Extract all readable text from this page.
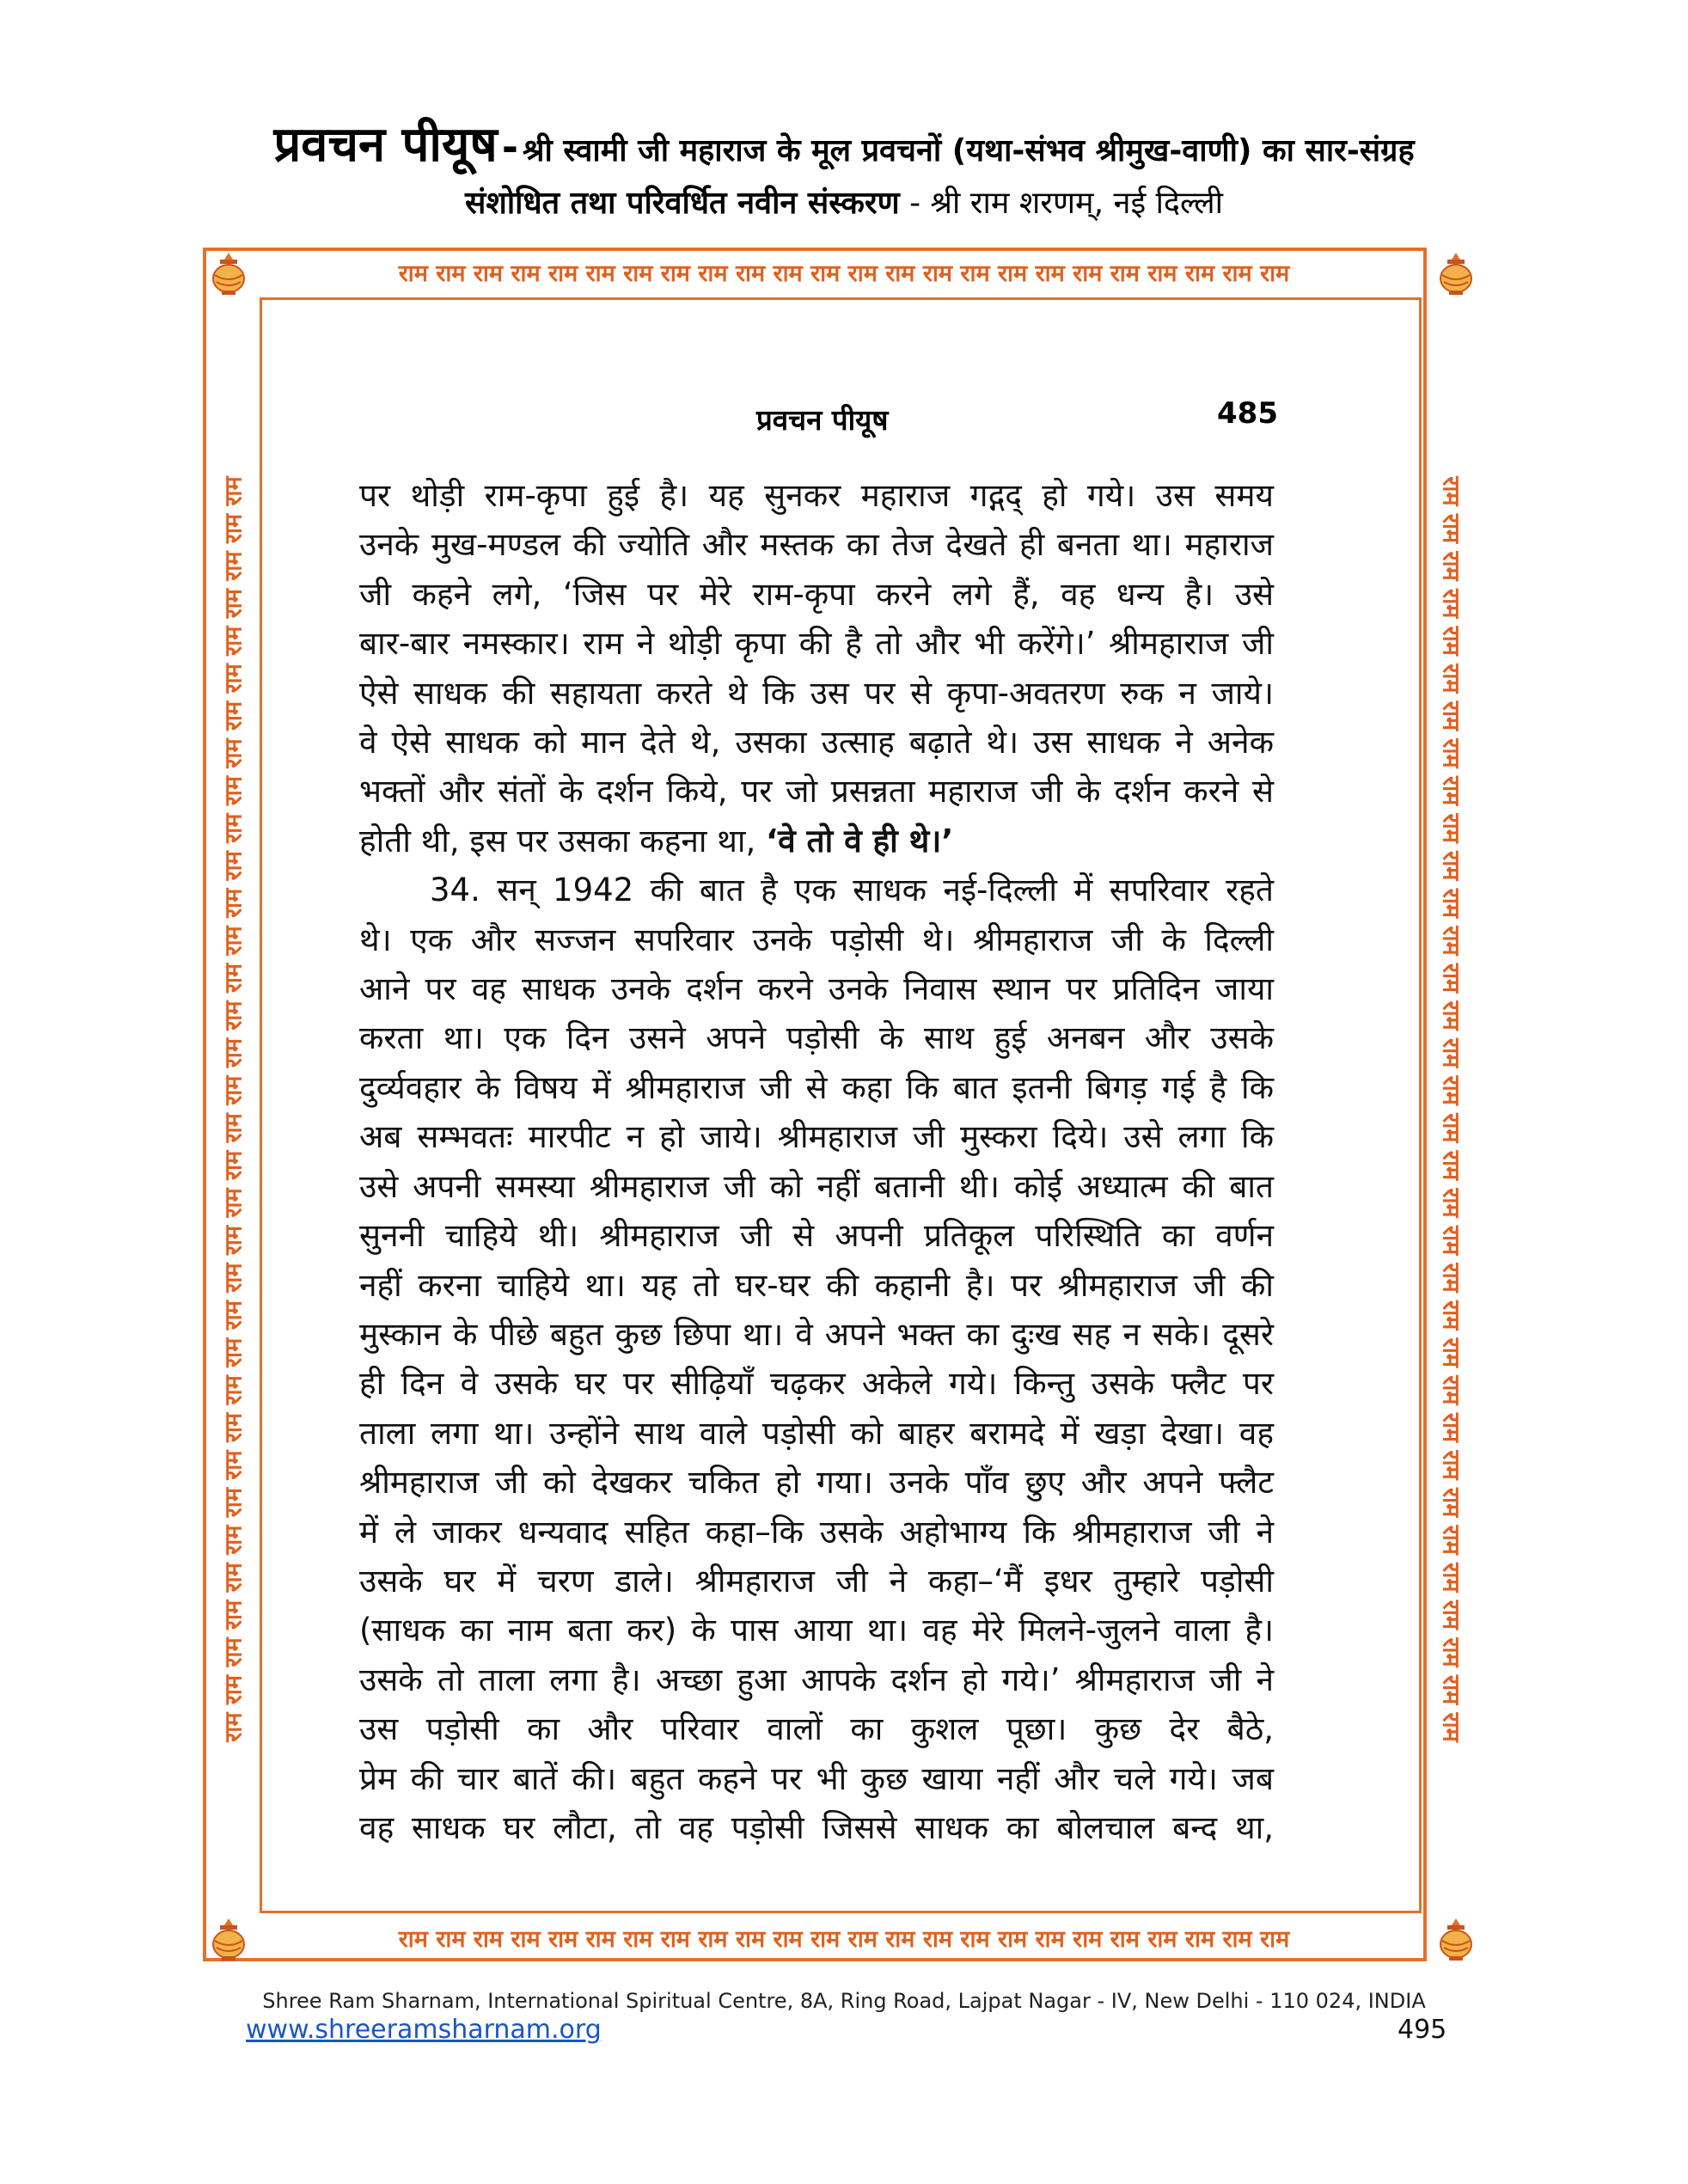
प्रवचन पीयूष - श्री स्वामी जी महाराज के मूल प्रवचनों (यथा-संभव श्रीमुख-वाणी) का सार-संग्रह
संशोधित तथा परिवर्धित नवीन संस्करण - श्री राम शरणम्, नई दिल्ली
राम राम राम राम राम राम राम राम राम राम राम राम राम राम राम राम राम राम राम राम राम राम राम राम
राम राम राम राम राम राम राम राम राम राम राम राम राम राम राम राम राम राम राम राम राम राम राम राम
राम राम राम राम राम राम राम राम राम राम राम राम राम राम राम राम राम राम राम राम राम राम राम राम राम राम राम राम राम राम राम राम राम राम	राम राम राम राम राम राम राम राम राम राम राम राम राम राम राम राम राम राम राम राम राम राम राम राम राम राम राम राम राम राम राम राम राम राम
प्रवचन पीयूष	485
पर थोड़ी राम-कृपा हुई है। यह सुनकर महाराज गद्गद् हो गये। उस समय
उनके मुख-मण्डल की ज्योति और मस्तक का तेज देखते ही बनता था। महाराज
जी कहने लगे, ‘जिस पर मेरे राम-कृपा करने लगे हैं, वह धन्य है। उसे
बार-बार नमस्कार। राम ने थोड़ी कृपा की है तो और भी करेंगे।’ श्रीमहाराज जी
ऐसे साधक की सहायता करते थे कि उस पर से कृपा-अवतरण रुक न जाये।
वे ऐसे साधक को मान देते थे, उसका उत्साह बढ़ाते थे। उस साधक ने अनेक
भक्तों और संतों के दर्शन किये, पर जो प्रसन्नता महाराज जी के दर्शन करने से
होती थी, इस पर उसका कहना था, ‘वे तो वे ही थे।’
34. सन् 1942 की बात है एक साधक नई-दिल्ली में सपरिवार रहते
थे। एक और सज्जन सपरिवार उनके पड़ोसी थे। श्रीमहाराज जी के दिल्ली
आने पर वह साधक उनके दर्शन करने उनके निवास स्थान पर प्रतिदिन जाया
करता था। एक दिन उसने अपने पड़ोसी के साथ हुई अनबन और उसके
दुर्व्यवहार के विषय में श्रीमहाराज जी से कहा कि बात इतनी बिगड़ गई है कि
अब सम्भवतः मारपीट न हो जाये। श्रीमहाराज जी मुस्करा दिये। उसे लगा कि
उसे अपनी समस्या श्रीमहाराज जी को नहीं बतानी थी। कोई अध्यात्म की बात
सुननी चाहिये थी। श्रीमहाराज जी से अपनी प्रतिकूल परिस्थिति का वर्णन
नहीं करना चाहिये था। यह तो घर-घर की कहानी है। पर श्रीमहाराज जी की
मुस्कान के पीछे बहुत कुछ छिपा था। वे अपने भक्त का दुःख सह न सके। दूसरे
ही दिन वे उसके घर पर सीढ़ियाँ चढ़कर अकेले गये। किन्तु उसके फ्लैट पर
ताला लगा था। उन्होंने साथ वाले पड़ोसी को बाहर बरामदे में खड़ा देखा। वह
श्रीमहाराज जी को देखकर चकित हो गया। उनके पाँव छुए और अपने फ्लैट
में ले जाकर धन्यवाद सहित कहा–कि उसके अहोभाग्य कि श्रीमहाराज जी ने
उसके घर में चरण डाले। श्रीमहाराज जी ने कहा–‘मैं इधर तुम्हारे पड़ोसी
(साधक का नाम बता कर) के पास आया था। वह मेरे मिलने-जुलने वाला है।
उसके तो ताला लगा है। अच्छा हुआ आपके दर्शन हो गये।’ श्रीमहाराज जी ने
उस पड़ोसी का और परिवार वालों का कुशल पूछा। कुछ देर बैठे,
प्रेम की चार बातें की। बहुत कहने पर भी कुछ खाया नहीं और चले गये। जब
वह साधक घर लौटा, तो वह पड़ोसी जिससे साधक का बोलचाल बन्द था,
Shree Ram Sharnam, International Spiritual Centre, 8A, Ring Road, Lajpat Nagar - IV, New Delhi - 110 024, INDIA
www.shreeramsharnam.org	495
